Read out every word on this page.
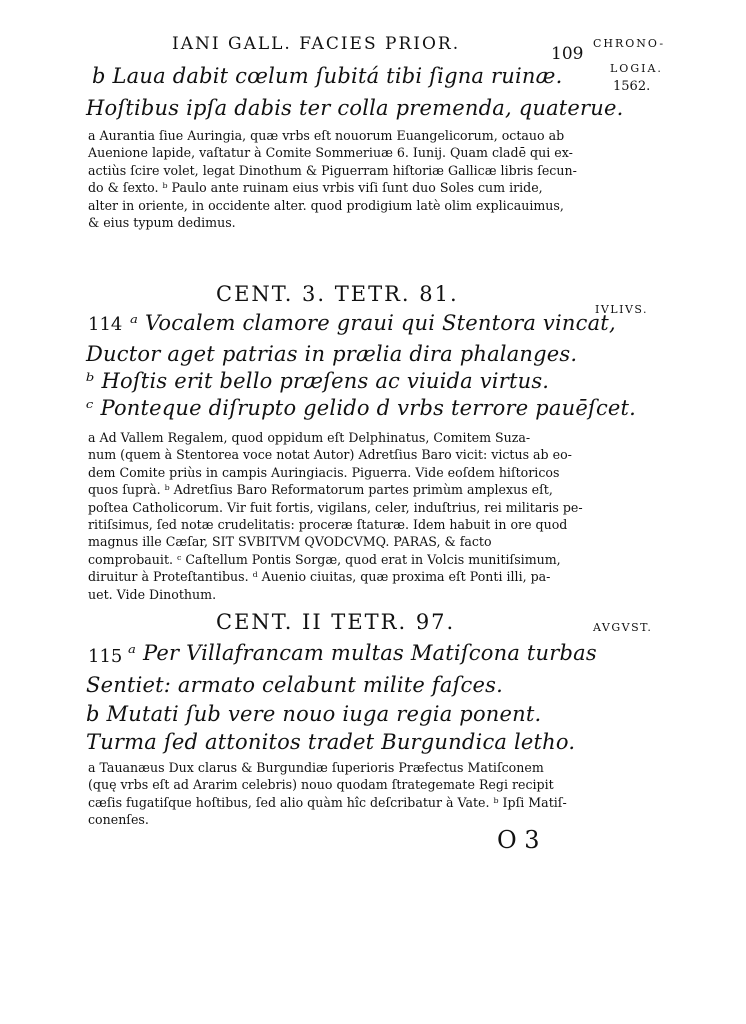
IANI GALL. FACIES PRIOR.	109
CHRONO-
LOGIA.
1562.
b Laua dabit cœlum ſubitá tibi ſigna ruinæ.
Hoſtibus ipſa dabis ter colla premenda, quaterue.
a Aurantia ſiue Auringia, quæ vrbs eſt nouorum Euangelicorum, octauo ab
Auenione lapide, vaſtatur à Comite Sommeriuæ 6. Iunij. Quam cladē qui ex-
actiùs ſcire volet, legat Dinothum & Piguerram hiſtoriæ Gallicæ libris ſecun-
do & ſexto. ᵇ Paulo ante ruinam eius vrbis viſi ſunt duo Soles cum iride,
alter in oriente, in occidente alter. quod prodigium latè olim explicauimus,
& eius typum dedimus.
CENT. 3. TETR. 81.
IVLIVS.
114 ᵃ Vocalem clamore graui qui Stentora vincat,
Ductor aget patrias in prælia dira phalanges.
ᵇ Hoſtis erit bello præſens ac viuida virtus.
ᶜ Ponteque diſrupto gelido d vrbs terrore pauēſcet.
a Ad Vallem Regalem, quod oppidum eſt Delphinatus, Comitem Suza-
num (quem à Stentorea voce notat Autor) Adretſius Baro vicit: victus ab eo-
dem Comite priùs in campis Auringiacis. Piguerra. Vide eoſdem hiſtoricos
quos ſuprà. ᵇ Adretſius Baro Reformatorum partes primùm amplexus eſt,
poſtea Catholicorum. Vir fuit fortis, vigilans, celer, induſtrius, rei militaris pe-
ritiſsimus, ſed notæ crudelitatis: proceræ ſtaturæ. Idem habuit in ore quod
magnus ille Cæſar, SIT SVBITVM QVODCVMQ. PARAS, & facto
comprobauit. ᶜ Caſtellum Pontis Sorgæ, quod erat in Volcis munitiſsimum,
diruitur à Proteſtantibus. ᵈ Auenio ciuitas, quæ proxima eſt Ponti illi, pa-
uet. Vide Dinothum.
CENT. II TETR. 97.	AVGVST.
115 ᵃ Per Villafrancam multas Matiſcona turbas
Sentiet: armato celabunt milite faſces.
b Mutati ſub vere nouo iuga regia ponent.
Turma ſed attonitos tradet Burgundica letho.
a Tauanæus Dux clarus & Burgundiæ ſuperioris Præfectus Matiſconem
(quę vrbs eſt ad Ararim celebris) nouo quodam ſtrategemate Regi recipit
cæſis fugatiſque hoſtibus, ſed alio quàm hîc deſcribatur à Vate. ᵇ Ipſi Matiſ-
conenſes.
O 3
